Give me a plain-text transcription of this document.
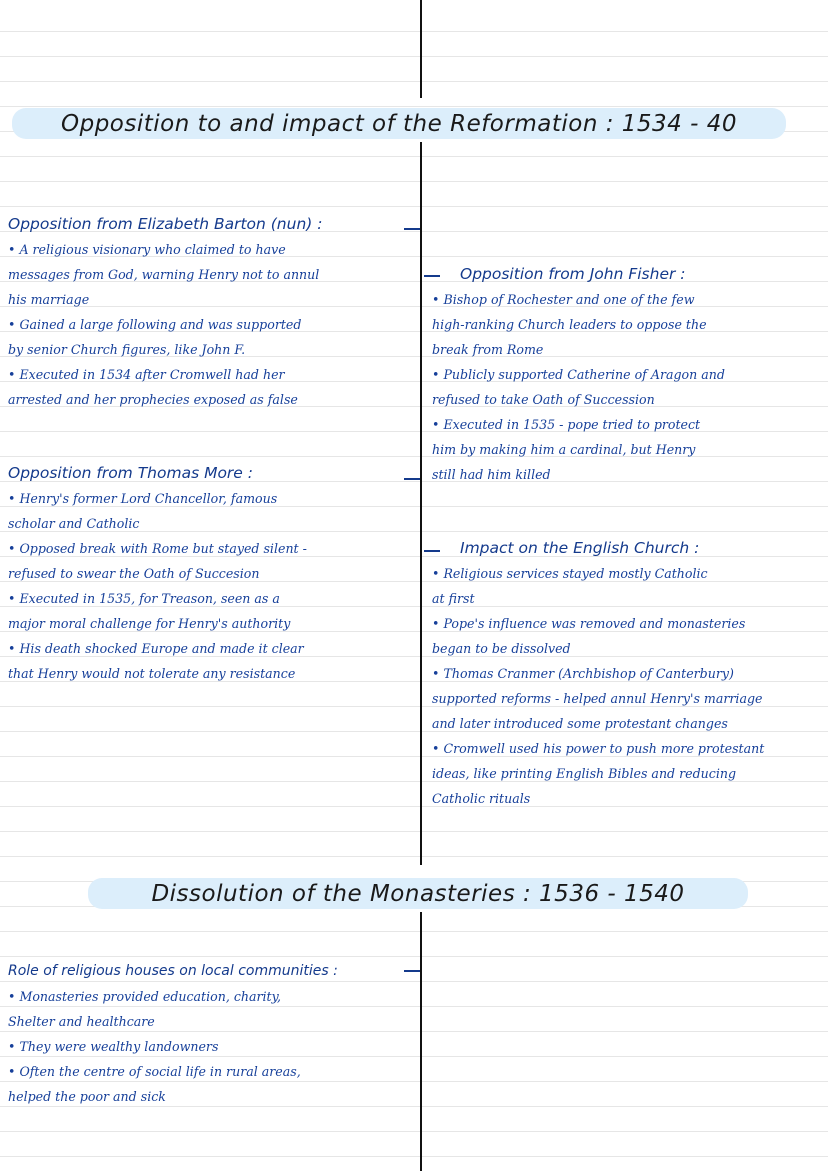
Opposition to and impact of the Reformation : 1534 - 40
Dissolution of the Monasteries : 1536 - 1540
Opposition from Elizabeth Barton (nun) :
• A religious visionary who claimed to have
messages from God, warning Henry not to annul
his marriage
• Gained a large following and was supported
by senior Church figures, like John F.
• Executed in 1534 after Cromwell had her
arrested and her prophecies exposed as false
Opposition from Thomas More :
• Henry's former Lord Chancellor, famous
scholar and Catholic
• Opposed break with Rome but stayed silent -
refused to swear the Oath of Succesion
• Executed in 1535, for Treason, seen as a
major moral challenge for Henry's authority
• His death shocked Europe and made it clear
that Henry would not tolerate any resistance
Opposition from John Fisher :
• Bishop of Rochester and one of the few
high-ranking Church leaders to oppose the
break from Rome
• Publicly supported Catherine of Aragon and
refused to take Oath of Succession
• Executed in 1535 - pope tried to protect
him by making him a cardinal, but Henry
still had him killed
Impact on the English Church :
• Religious services stayed mostly Catholic
at first
• Pope's influence was removed and monasteries
began to be dissolved
• Thomas Cranmer (Archbishop of Canterbury)
supported reforms - helped annul Henry's marriage
and later introduced some protestant changes
• Cromwell used his power to push more protestant
ideas, like printing English Bibles and reducing
Catholic rituals
Role of religious houses on local communities :
• Monasteries provided education, charity,
Shelter and healthcare
• They were wealthy landowners
• Often the centre of social life in rural areas,
helped the poor and sick
